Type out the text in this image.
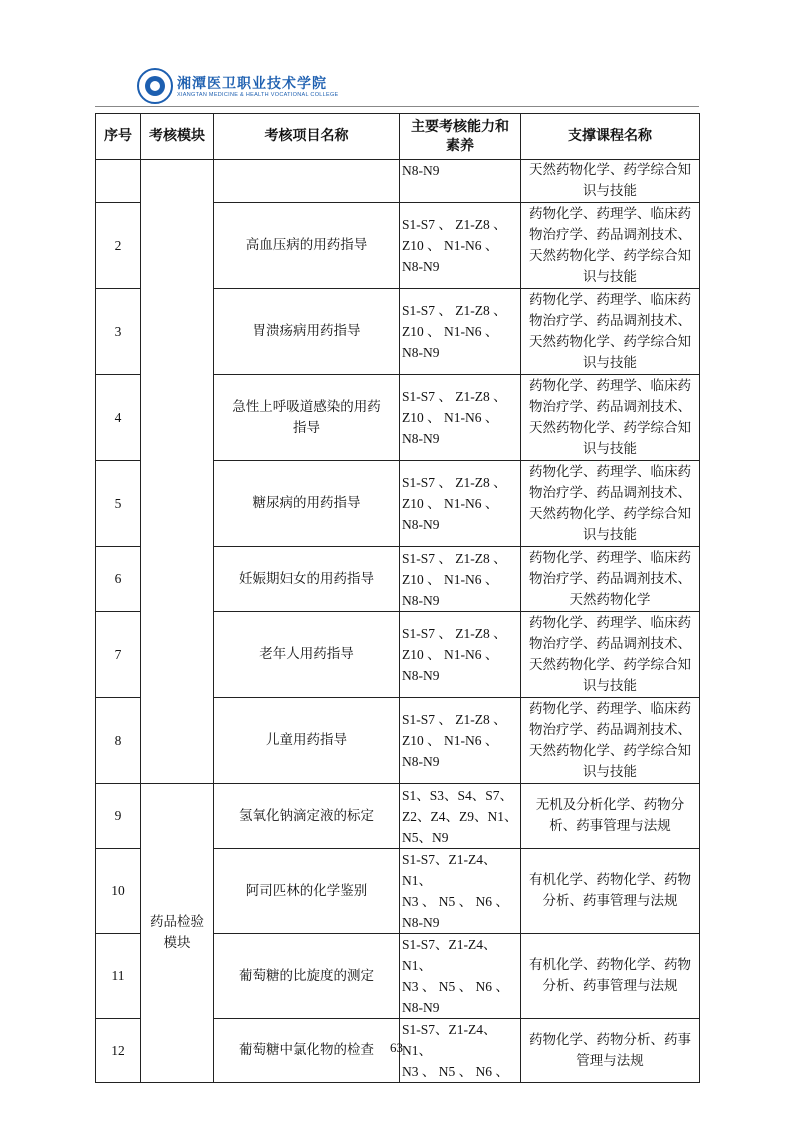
湘潭医卫职业技术学院
XIANGTAN MEDICINE & HEALTH VOCATIONAL COLLEGE
序号	考核模块	考核项目名称	主要考核能力和
素养	支撑课程名称
			N8-N9	天然药物化学、药学综合知
识与技能
2		高血压病的用药指导	S1-S7 、 Z1-Z8 、
Z10 、 N1-N6 、
N8-N9	药物化学、药理学、临床药
物治疗学、药品调剂技术、
天然药物化学、药学综合知
识与技能
3		胃溃疡病用药指导	S1-S7 、 Z1-Z8 、
Z10 、 N1-N6 、
N8-N9	药物化学、药理学、临床药
物治疗学、药品调剂技术、
天然药物化学、药学综合知
识与技能
4		急性上呼吸道感染的用药
指导	S1-S7 、 Z1-Z8 、
Z10 、 N1-N6 、
N8-N9	药物化学、药理学、临床药
物治疗学、药品调剂技术、
天然药物化学、药学综合知
识与技能
5		糖尿病的用药指导	S1-S7 、 Z1-Z8 、
Z10 、 N1-N6 、
N8-N9	药物化学、药理学、临床药
物治疗学、药品调剂技术、
天然药物化学、药学综合知
识与技能
6		妊娠期妇女的用药指导	S1-S7 、 Z1-Z8 、
Z10 、 N1-N6 、
N8-N9	药物化学、药理学、临床药
物治疗学、药品调剂技术、
天然药物化学
7		老年人用药指导	S1-S7 、 Z1-Z8 、
Z10 、 N1-N6 、
N8-N9	药物化学、药理学、临床药
物治疗学、药品调剂技术、
天然药物化学、药学综合知
识与技能
8		儿童用药指导	S1-S7 、 Z1-Z8 、
Z10 、 N1-N6 、
N8-N9	药物化学、药理学、临床药
物治疗学、药品调剂技术、
天然药物化学、药学综合知
识与技能
9	药品检验
模块	氢氧化钠滴定液的标定	S1、S3、S4、S7、
Z2、Z4、Z9、N1、
N5、N9	无机及分析化学、药物分
析、药事管理与法规
10		阿司匹林的化学鉴别	S1-S7、Z1-Z4、N1、
N3 、 N5 、 N6 、
N8-N9	有机化学、药物化学、药物
分析、药事管理与法规
11		葡萄糖的比旋度的测定	S1-S7、Z1-Z4、N1、
N3 、 N5 、 N6 、
N8-N9	有机化学、药物化学、药物
分析、药事管理与法规
12		葡萄糖中氯化物的检查	S1-S7、Z1-Z4、N1、
N3 、 N5 、 N6 、	药物化学、药物分析、药事
管理与法规
63
